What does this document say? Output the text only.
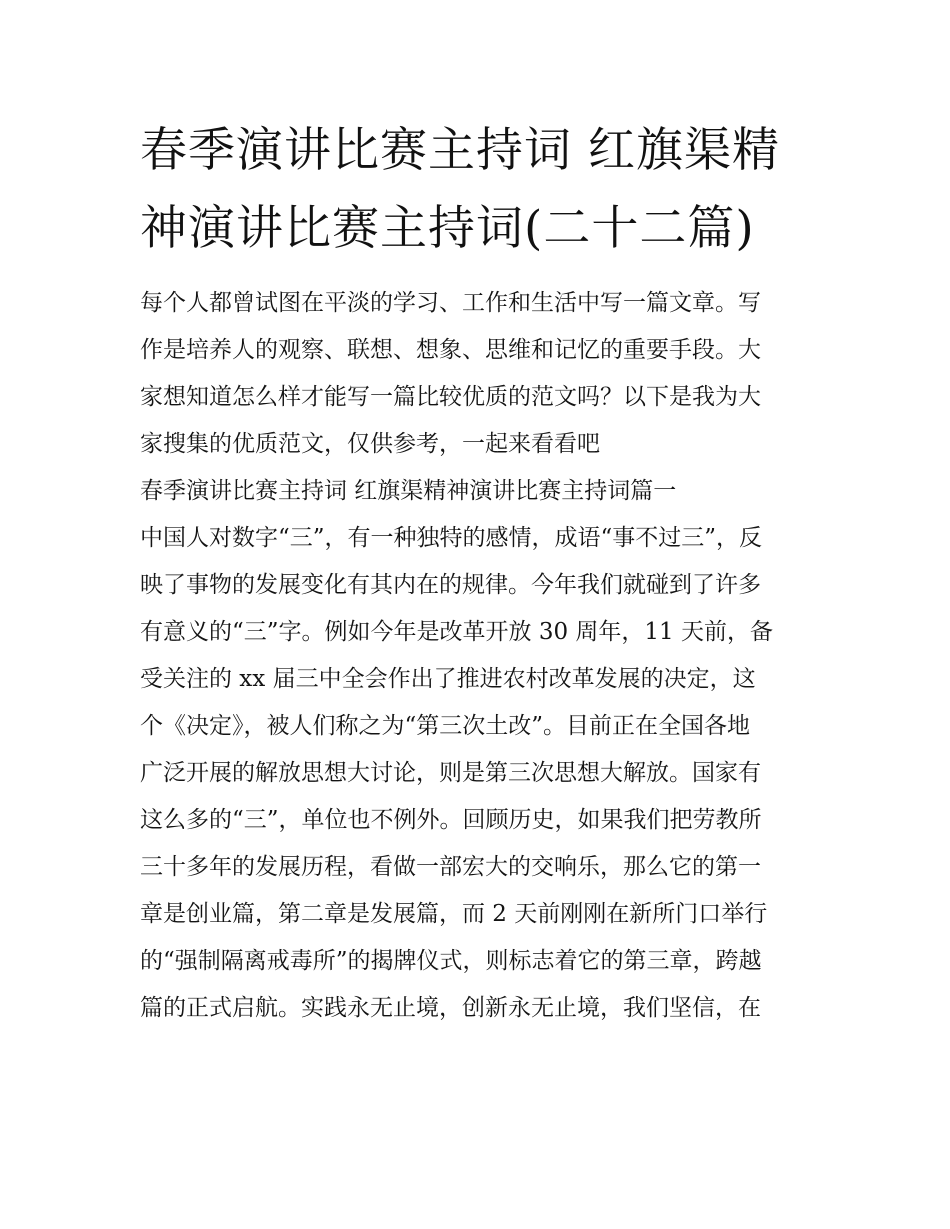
春季演讲比赛主持词 红旗渠精
神演讲比赛主持词(二十二篇)

每个人都曾试图在平淡的学习、工作和生活中写一篇文章。写
作是培养人的观察、联想、想象、思维和记忆的重要手段。大
家想知道怎么样才能写一篇比较优质的范文吗？以下是我为大
家搜集的优质范文，仅供参考，一起来看看吧

春季演讲比赛主持词 红旗渠精神演讲比赛主持词篇一

中国人对数字“三”，有一种独特的感情，成语“事不过三”，反
映了事物的发展变化有其内在的规律。今年我们就碰到了许多
有意义的“三”字。例如今年是改革开放 30 周年，11 天前，备
受关注的 xx 届三中全会作出了推进农村改革发展的决定，这
个《决定》，被人们称之为“第三次土改”。目前正在全国各地
广泛开展的解放思想大讨论，则是第三次思想大解放。国家有
这么多的“三”，单位也不例外。回顾历史，如果我们把劳教所
三十多年的发展历程，看做一部宏大的交响乐，那么它的第一
章是创业篇，第二章是发展篇，而 2 天前刚刚在新所门口举行
的“强制隔离戒毒所”的揭牌仪式，则标志着它的第三章，跨越
篇的正式启航。实践永无止境，创新永无止境，我们坚信，在
